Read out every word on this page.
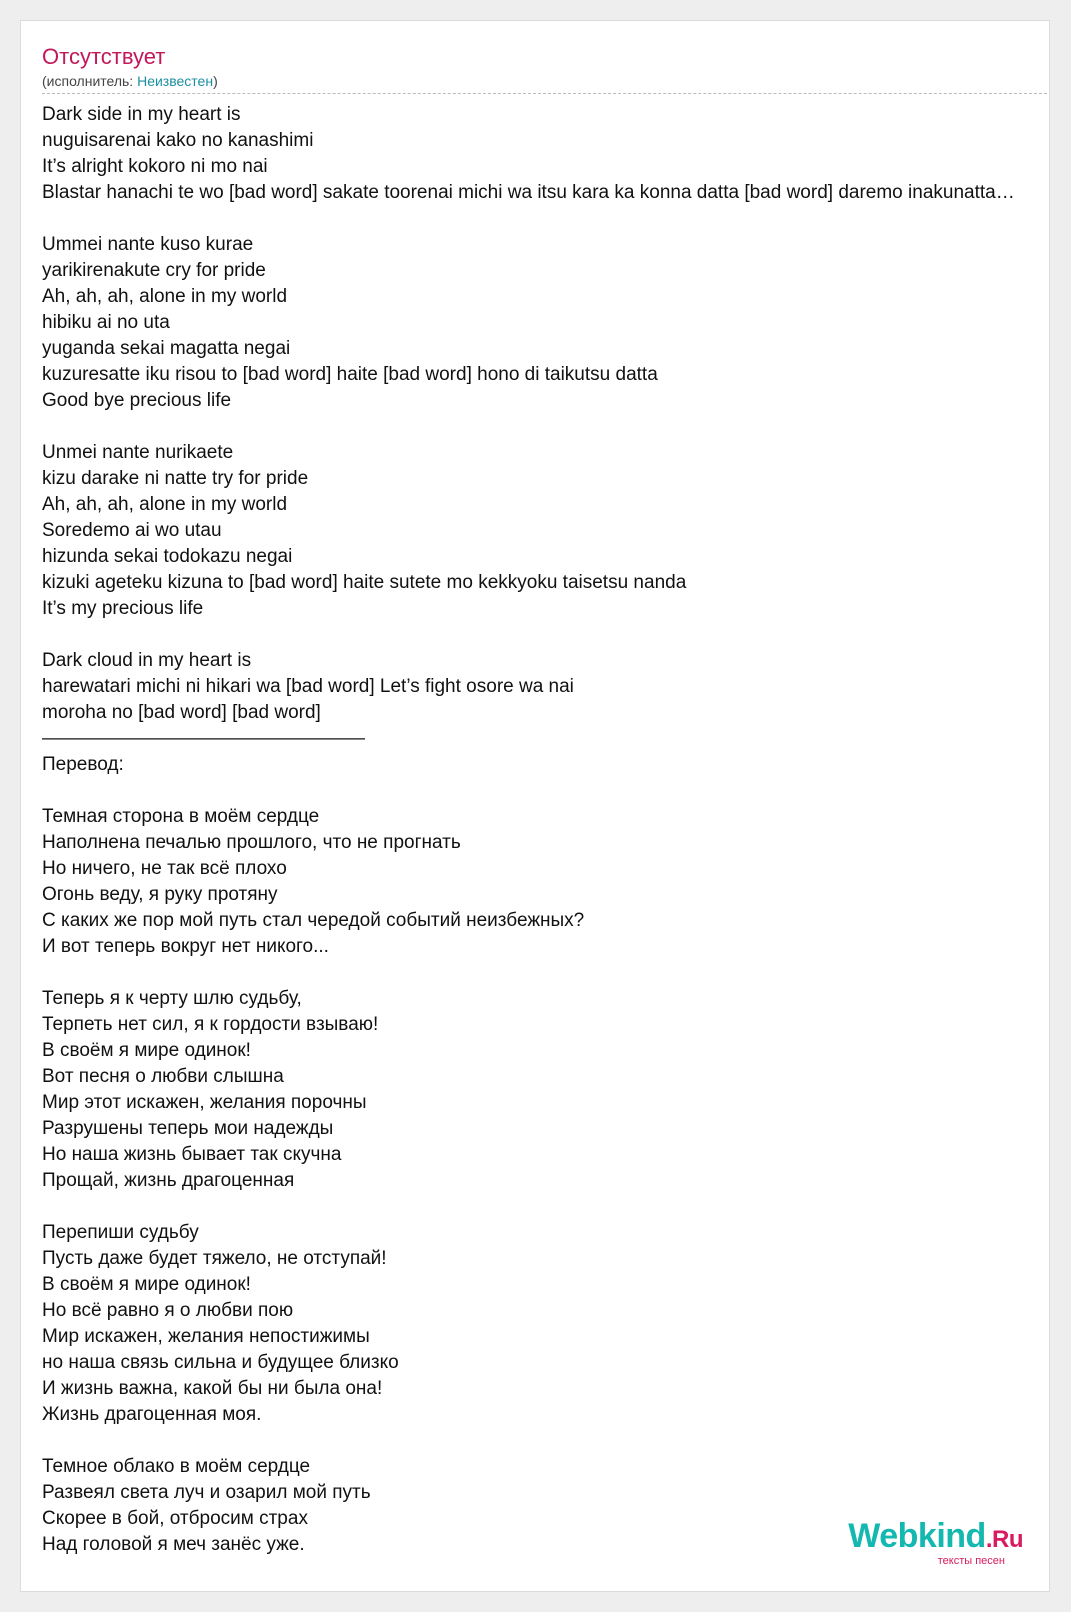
Отсутствует
(исполнитель: Неизвестен)
Dark side in my heart is
nuguisarenai kako no kanashimi
It’s alright kokoro ni mo nai
Blastar hanachi te wo [bad word] sakate toorenai michi wa itsu kara ka konna datta [bad word] daremo inakunatta…
Ummei nante kuso kurae
yarikirenakute cry for pride
Ah, ah, ah, alone in my world
hibiku ai no uta
yuganda sekai magatta negai
kuzuresatte iku risou to [bad word] haite [bad word] hono di taikutsu datta
Good bye precious life
Unmei nante nurikaete
kizu darake ni natte try for pride
Ah, ah, ah, alone in my world
Soredemo ai wo utau
hizunda sekai todokazu negai
kizuki ageteku kizuna to [bad word] haite sutete mo kekkyoku taisetsu nanda
It’s my precious life
Dark cloud in my heart is
harewatari michi ni hikari wa [bad word] Let’s fight osore wa nai
moroha no [bad word] [bad word]
—————————————————
Перевод:
Темная сторона в моём сердце
Наполнена печалью прошлого, что не прогнать
Но ничего, не так всё плохо
Огонь веду, я руку протяну
С каких же пор мой путь стал чередой событий неизбежных?
И вот теперь вокруг нет никого...
Теперь я к черту шлю судьбу,
Терпеть нет сил, я к гордости взываю!
В своём я мире одинок!
Вот песня о любви слышна
Мир этот искажен, желания порочны
Разрушены теперь мои надежды
Но наша жизнь бывает так скучна
Прощай, жизнь драгоценная
Перепиши судьбу
Пусть даже будет тяжело, не отступай!
В своём я мире одинок!
Но всё равно я о любви пою
Мир искажен, желания непостижимы
но наша связь сильна и будущее близко
И жизнь важна, какой бы ни была она!
Жизнь драгоценная моя.
Темное облако в моём сердце
Развеял света луч и озарил мой путь
Скорее в бой, отбросим страх
Над головой я меч занёс уже.	Webkind.Ru
тексты песен
